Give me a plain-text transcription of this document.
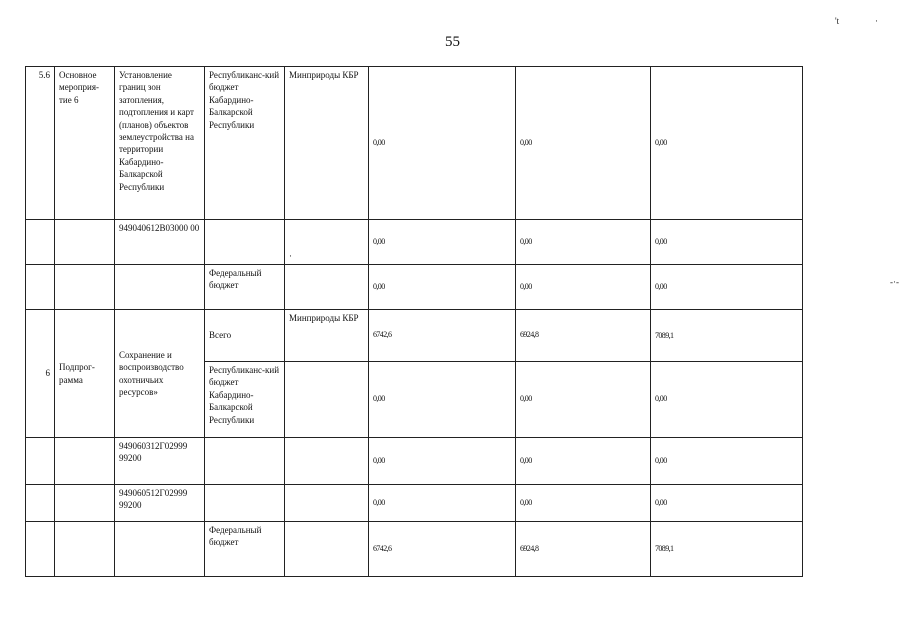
55
't	·
-·-
5.6	Основное мероприя-тие 6	Установление границ зон затопления, подтопления и карт (планов) объектов землеустройства на территории Кабардино-Балкарской Республики	Республиканс-кий бюджет Кабардино-Балкарской Республики	Минприроды КБР	0,00	0,00	0,00
		949040612В03000 00		·	0,00	0,00	0,00
			Федеральный бюджет		0,00	0,00	0,00
6	Подпрог-рамма	Сохранение и воспроизводство охотничьих ресурсов»	Всего	Минприроды КБР	6742,6	6924,8	7089,1
			Республиканс-кий бюджет Кабардино-Балкарской Республики		0,00	0,00	0,00
		949060312Г02999 99200			0,00	0,00	0,00
		949060512Г02999 99200			0,00	0,00	0,00
			Федеральный бюджет		6742,6	6924,8	7089,1
